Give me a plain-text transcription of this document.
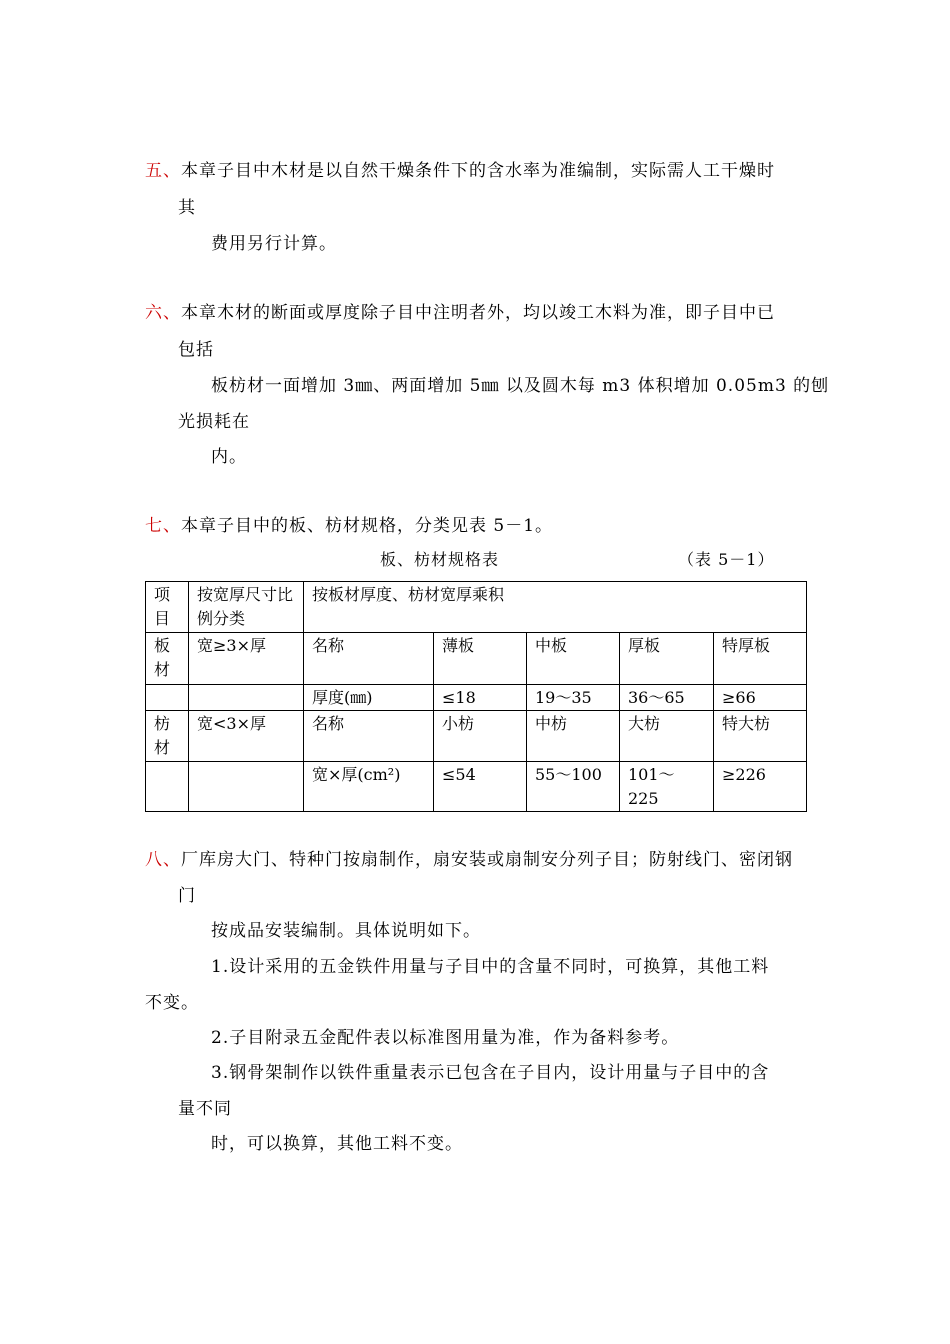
五、本章子目中木材是以自然干燥条件下的含水率为准编制，实际需人工干燥时
其
费用另行计算。
六、本章木材的断面或厚度除子目中注明者外，均以竣工木料为准，即子目中已
包括
板枋材一面增加 3㎜、两面增加 5㎜ 以及圆木每 m3 体积增加 0.05m3 的刨
光损耗在
内。
七、本章子目中的板、枋材规格，分类见表 5－1。
板、枋材规格表	（表 5－1）
项目	按宽厚尺寸比例分类	按板材厚度、枋材宽厚乘积				
板材	宽≥3×厚	名称	薄板	中板	厚板	特厚板
		厚度(㎜)	≤18	19～35	36～65	≥66
枋材	宽<3×厚	名称	小枋	中枋	大枋	特大枋
		宽×厚(cm²)	≤54	55～100	101～225	≥226
八、厂库房大门、特种门按扇制作，扇安装或扇制安分列子目；防射线门、密闭钢
门
按成品安装编制。具体说明如下。
1.设计采用的五金铁件用量与子目中的含量不同时，可换算，其他工料
不变。
2.子目附录五金配件表以标准图用量为准，作为备料参考。
3.钢骨架制作以铁件重量表示已包含在子目内，设计用量与子目中的含
量不同
时，可以换算，其他工料不变。
